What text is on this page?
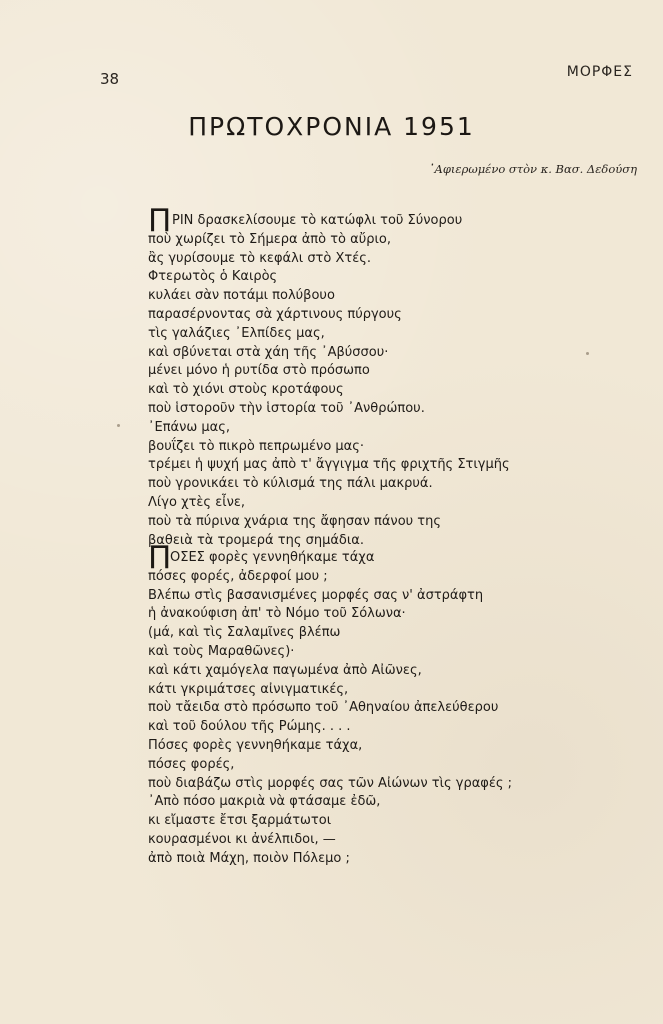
38	ΜΟΡΦΕΣ
ΠΡΩΤΟΧΡΟΝΙΑ 1951
᾿Αφιερωμένο στὸν κ. Βασ. Δεδούση
Π ΡΙΝ δρασκελίσουμε τὸ κατώφλι τοῦ Σύνορου
ποὺ χωρίζει τὸ Σήμερα ἀπὸ τὸ αὔριο,
ἂς γυρίσουμε τὸ κεφάλι στὸ Χτές.
Φτερωτὸς ὁ Καιρὸς
κυλάει σὰν ποτάμι πολύβουο
παρασέρνοντας σὰ χάρτινους πύργους
τὶς γαλάζιες ᾿Ελπίδες μας,
καὶ σβύνεται στὰ χάη τῆς ᾿Αβύσσου·
μένει μόνο ἡ ρυτίδα στὸ πρόσωπο
καὶ τὸ χιόνι στοὺς κροτάφους
ποὺ ἱστοροῦν τὴν ἱστορία τοῦ ᾿Ανθρώπου.
᾿Επάνω μας,
βουΐζει τὸ πικρὸ πεπρωμένο μας·
τρέμει ἡ ψυχή μας ἀπὸ τ' ἄγγιγμα τῆς φριχτῆς Στιγμῆς
ποὺ γρονικάει τὸ κύλισμά της πάλι μακρυά.
Λίγο χτὲς εἶνε,
ποὺ τὰ πύρινα χνάρια της ἄφησαν πάνου της
βαθειὰ τὰ τρομερά της σημάδια.
Π
ΟΣΕΣ φορὲς γεννηθήκαμε τάχα
πόσες φορές, ἀδερφοί μου ;
Βλέπω στὶς βασανισμένες μορφές σας ν' ἀστράφτη
ἡ ἀνακούφιση ἀπ' τὸ Νόμο τοῦ Σόλωνα·
(μά, καὶ τὶς Σαλαμῖνες βλέπω
καὶ τοὺς Μαραθῶνες)·
καὶ κάτι χαμόγελα παγωμένα ἀπὸ Αἰῶνες,
κάτι γκριμάτσες αἰνιγματικές,
ποὺ τἄειδα στὸ πρόσωπο τοῦ ᾿Αθηναίου ἀπελεύθερου
καὶ τοῦ δούλου τῆς Ρώμης. . . .
Πόσες φορὲς γεννηθήκαμε τάχα,
πόσες φορές,
ποὺ διαβάζω στὶς μορφές σας τῶν Αἰώνων τὶς γραφές ;
᾿Απὸ πόσο μακριὰ νὰ φτάσαμε ἐδῶ,
κι εἴμαστε ἔτσι ξαρμάτωτοι
κουρασμένοι κι ἀνέλπιδοι, —
ἀπὸ ποιὰ Μάχη, ποιὸν Πόλεμο ;
